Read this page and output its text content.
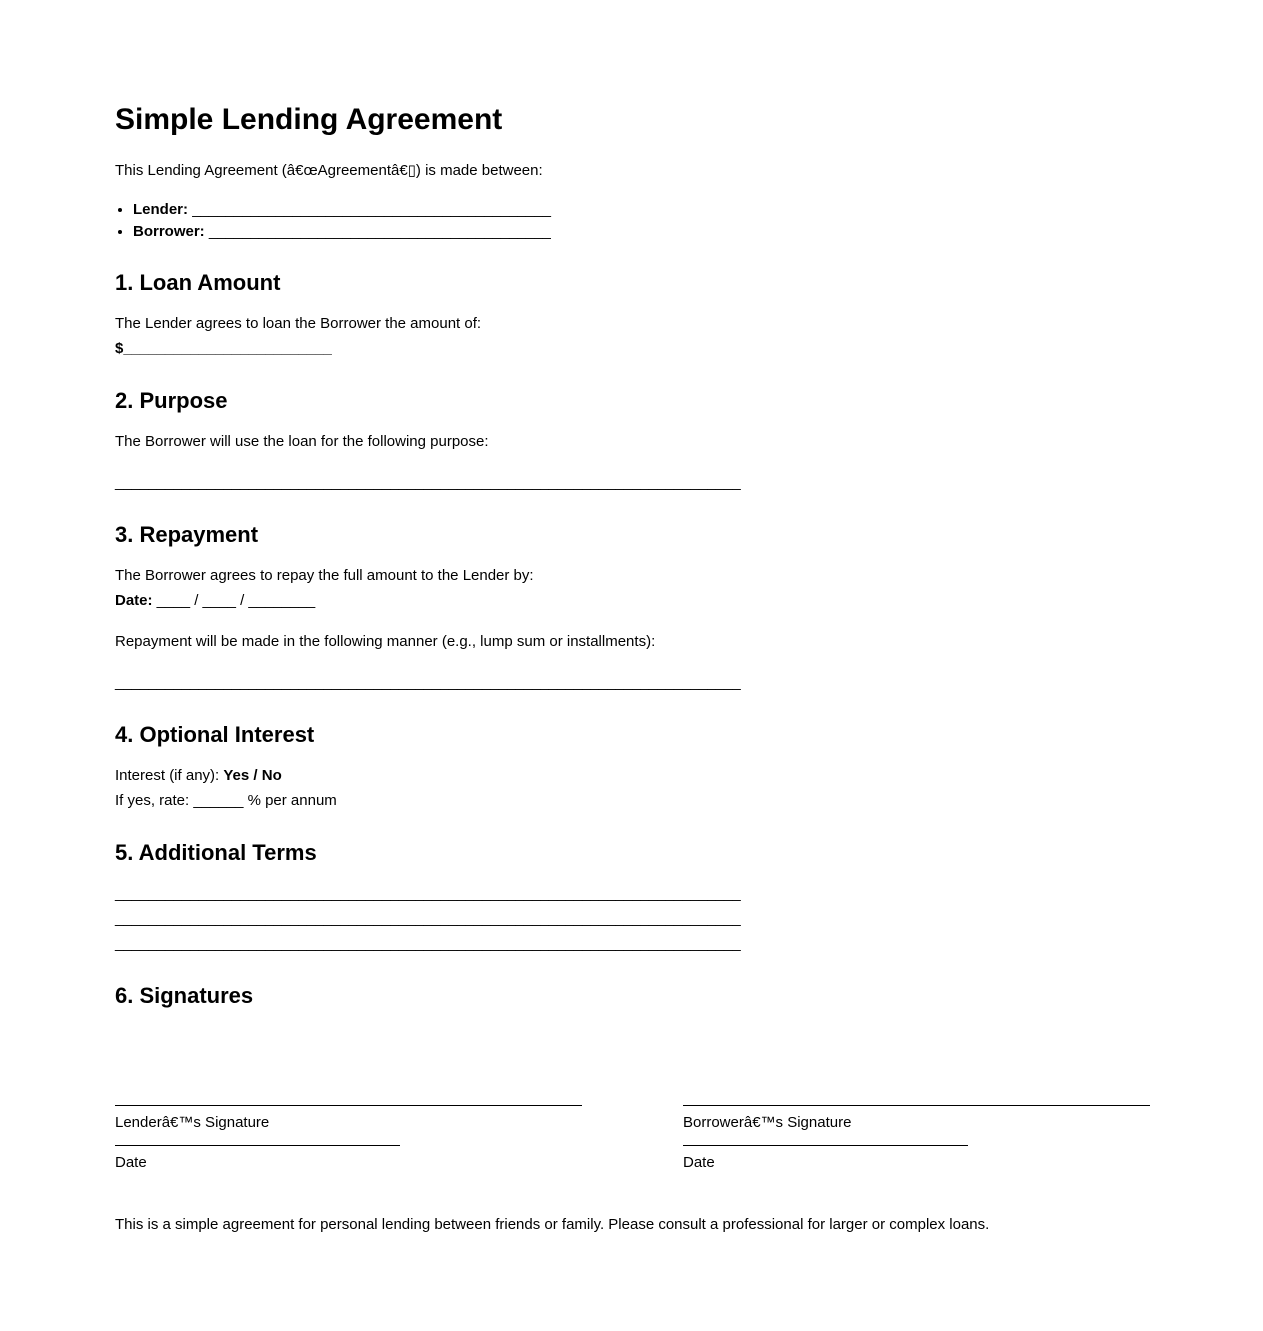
Simple Lending Agreement

This Lending Agreement (â€œAgreementâ€▯) is made between:

• Lender: ___________________________________________
• Borrower: _________________________________________
1. Loan Amount

The Lender agrees to loan the Borrower the amount of:
$_________________________

2. Purpose

The Borrower will use the loan for the following purpose:

___________________________________________________________________________

3. Repayment

The Borrower agrees to repay the full amount to the Lender by:
Date: ____ / ____ / ________

Repayment will be made in the following manner (e.g., lump sum or installments):

___________________________________________________________________________

4. Optional Interest

Interest (if any): Yes / No
If yes, rate: ______ % per annum

5. Additional Terms

___________________________________________________________________________
___________________________________________________________________________
___________________________________________________________________________

6. Signatures
Lenderâ€™s Signature
Date
Borrowerâ€™s Signature
Date

This is a simple agreement for personal lending between friends or family. Please consult a professional for larger or complex loans.
